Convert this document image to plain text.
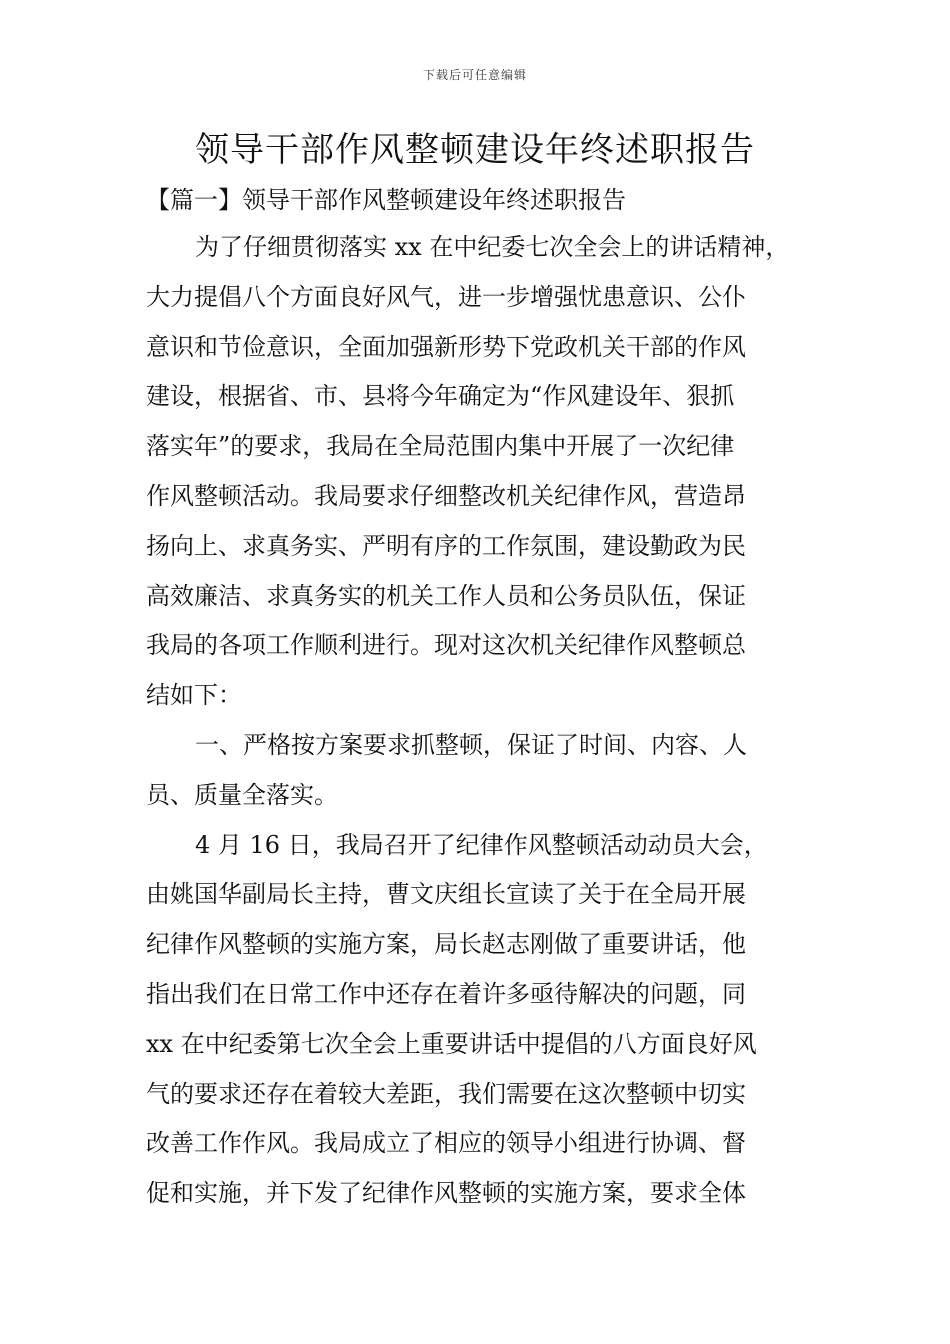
下载后可任意编辑
领导干部作风整顿建设年终述职报告
【篇一】领导干部作风整顿建设年终述职报告
为了仔细贯彻落实 xx 在中纪委七次全会上的讲话精神，
大力提倡八个方面良好风气，进一步增强忧患意识、公仆
意识和节俭意识，全面加强新形势下党政机关干部的作风
建设，根据省、市、县将今年确定为“作风建设年、狠抓
落实年”的要求，我局在全局范围内集中开展了一次纪律
作风整顿活动。我局要求仔细整改机关纪律作风，营造昂
扬向上、求真务实、严明有序的工作氛围，建设勤政为民
高效廉洁、求真务实的机关工作人员和公务员队伍，保证
我局的各项工作顺利进行。现对这次机关纪律作风整顿总
结如下：
一、严格按方案要求抓整顿，保证了时间、内容、人
员、质量全落实。
4 月 16 日，我局召开了纪律作风整顿活动动员大会，
由姚国华副局长主持，曹文庆组长宣读了关于在全局开展
纪律作风整顿的实施方案，局长赵志刚做了重要讲话，他
指出我们在日常工作中还存在着许多亟待解决的问题，同
xx 在中纪委第七次全会上重要讲话中提倡的八方面良好风
气的要求还存在着较大差距，我们需要在这次整顿中切实
改善工作作风。我局成立了相应的领导小组进行协调、督
促和实施，并下发了纪律作风整顿的实施方案，要求全体
